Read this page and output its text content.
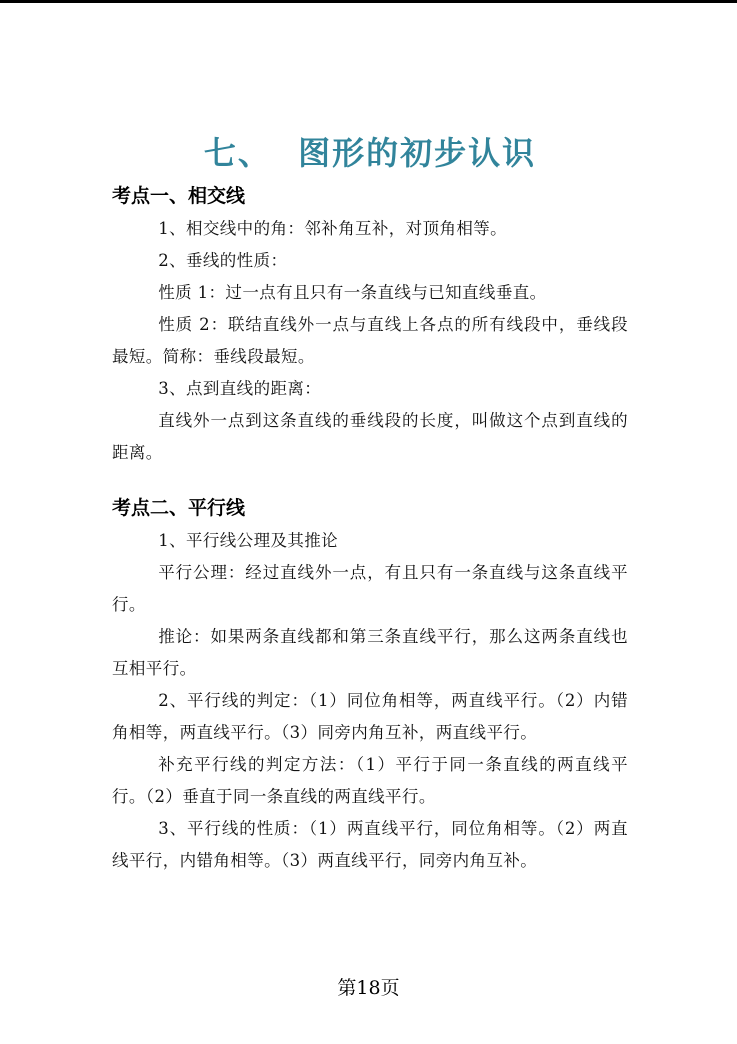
七、  图形的初步认识
考点一、相交线

1、相交线中的角：邻补角互补，对顶角相等。

2、垂线的性质：

性质 1：过一点有且只有一条直线与已知直线垂直。

性质 2：联结直线外一点与直线上各点的所有线段中，垂线段最短。简称：垂线段最短。

3、点到直线的距离：

直线外一点到这条直线的垂线段的长度，叫做这个点到直线的距离。

考点二、平行线

1、平行线公理及其推论

平行公理：经过直线外一点，有且只有一条直线与这条直线平行。

推论：如果两条直线都和第三条直线平行，那么这两条直线也互相平行。

2、平行线的判定：（1）同位角相等，两直线平行。（2）内错角相等，两直线平行。（3）同旁内角互补，两直线平行。

补充平行线的判定方法：（1）平行于同一条直线的两直线平行。（2）垂直于同一条直线的两直线平行。

3、平行线的性质：（1）两直线平行，同位角相等。（2）两直线平行，内错角相等。（3）两直线平行，同旁内角互补。

第18页
